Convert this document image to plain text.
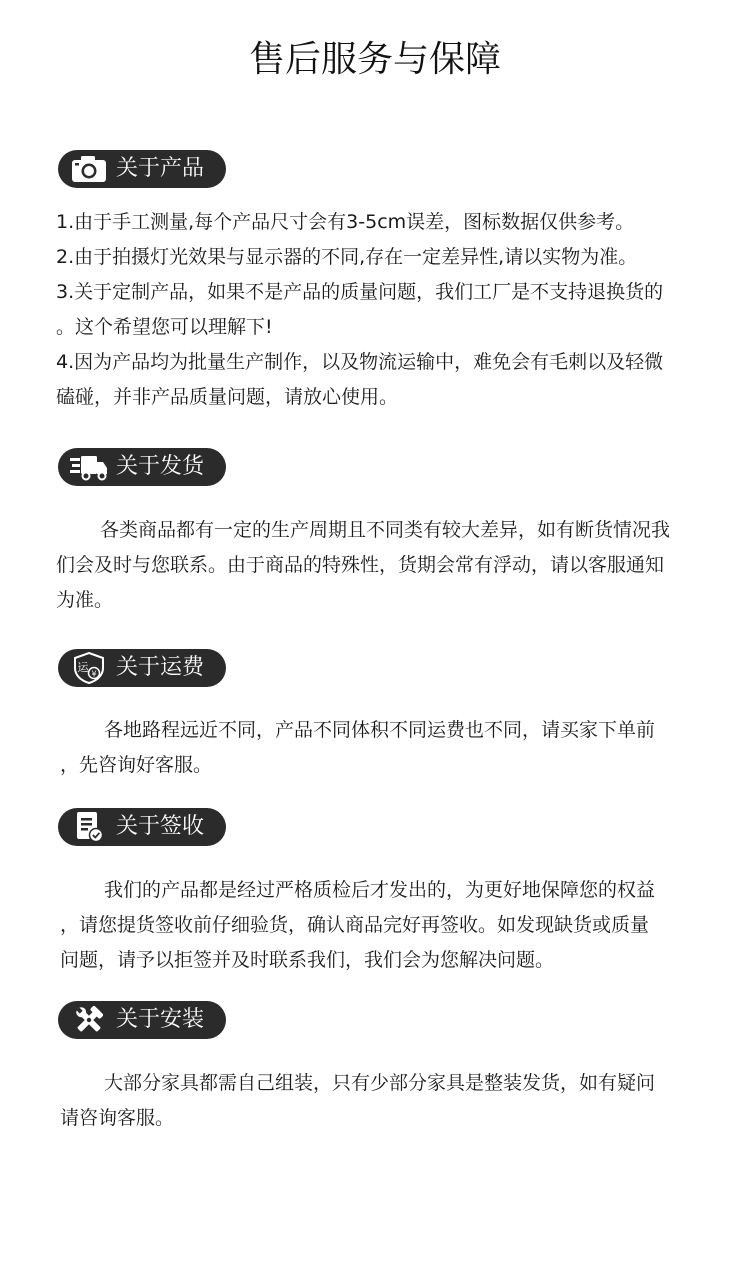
售后服务与保障
关于产品
1.由于手工测量,每个产品尺寸会有3-5cm误差，图标数据仅供参考。
2.由于拍摄灯光效果与显示器的不同,存在一定差异性,请以实物为准。
3.关于定制产品，如果不是产品的质量问题，我们工厂是不支持退换货的
。这个希望您可以理解下!
4.因为产品均为批量生产制作，以及物流运输中，难免会有毛刺以及轻微
磕碰，并非产品质量问题，请放心使用。
关于发货
各类商品都有一定的生产周期且不同类有较大差异，如有断货情况我
们会及时与您联系。由于商品的特殊性，货期会常有浮动，请以客服通知
为准。
运 ¥ 关于运费
各地路程远近不同，产品不同体积不同运费也不同，请买家下单前
，先咨询好客服。
关于签收
我们的产品都是经过严格质检后才发出的，为更好地保障您的权益
，请您提货签收前仔细验货，确认商品完好再签收。如发现缺货或质量
问题，请予以拒签并及时联系我们，我们会为您解决问题。
关于安装
大部分家具都需自己组装，只有少部分家具是整装发货，如有疑问
请咨询客服。
